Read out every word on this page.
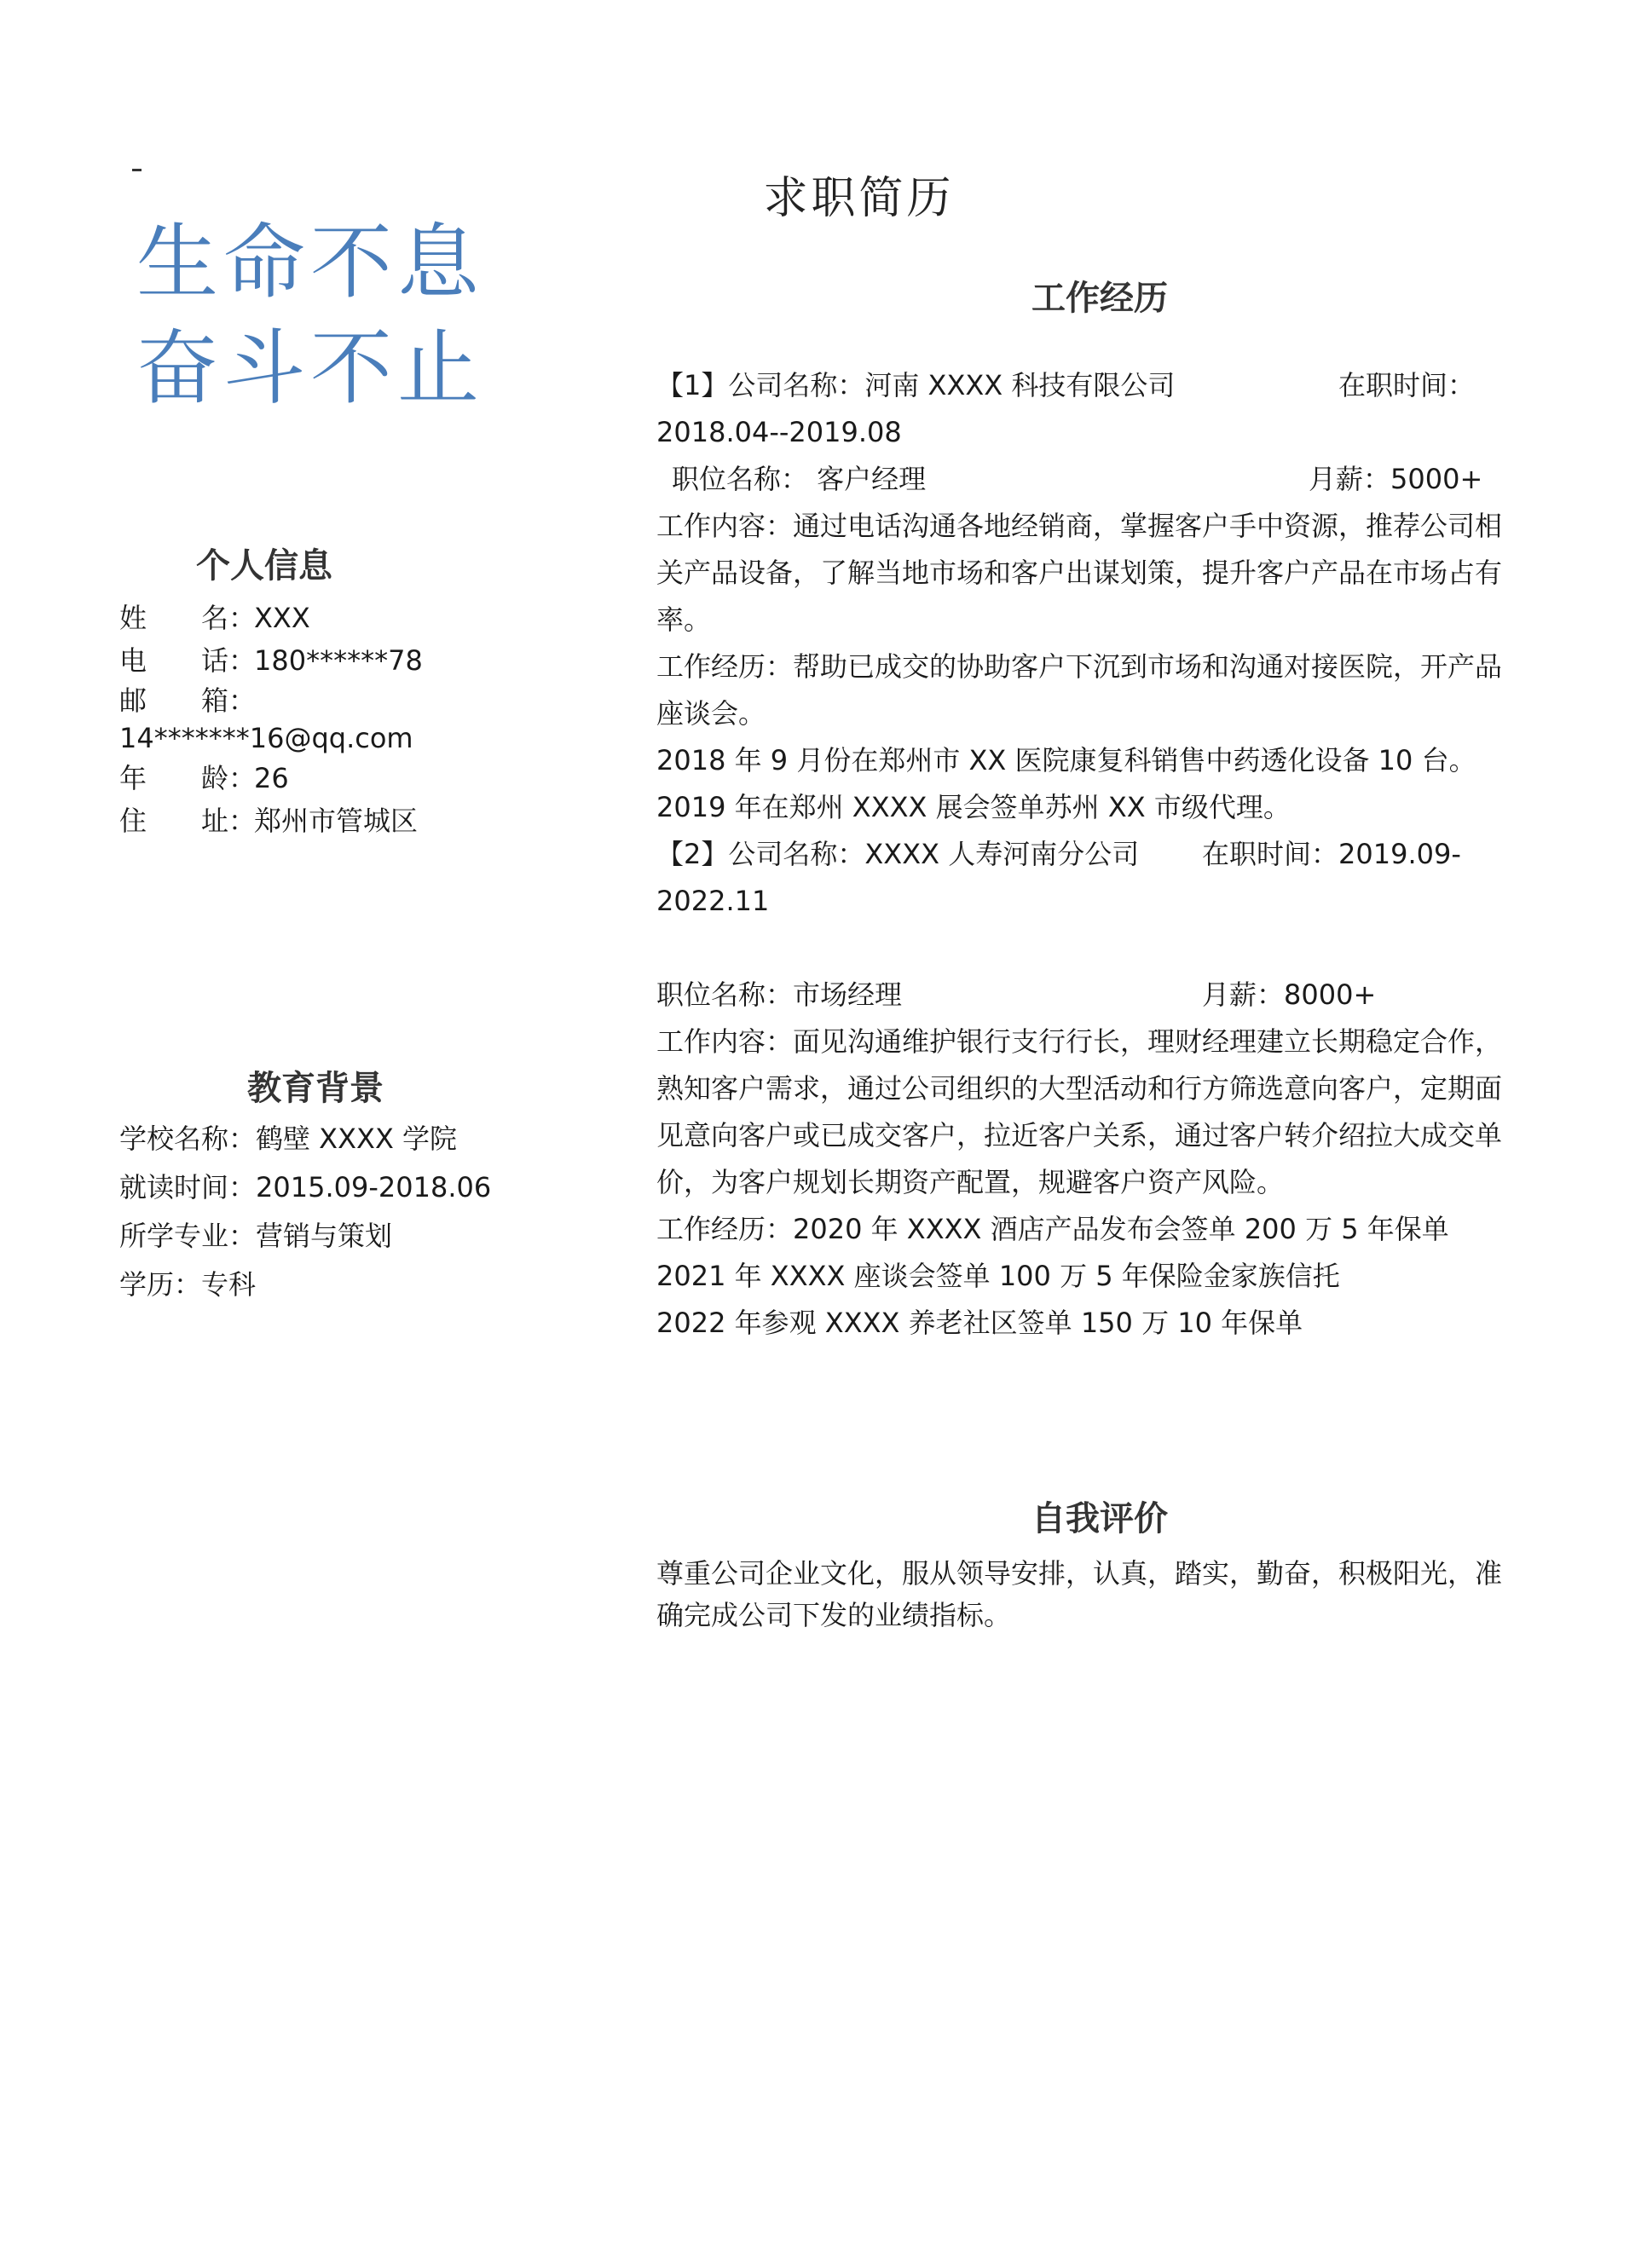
生命不息
奋斗不止
求职简历
个人信息
姓　　名：
XXX
电　　话：
180******78
邮　　箱：
14*******16@qq.com
年　　龄：
26
住　　址：
郑州市管城区
教育背景
学校名称：鹤壁 XXXX 学院
就读时间：2015.09-2018.06
所学专业：营销与策划
学历：专科
工作经历
【1】公司名称：河南 XXXX 科技有限公司	在职时间：
2018.04--2019.08
职位名称： 客户经理	月薪：5000+
工作内容：通过电话沟通各地经销商，掌握客户手中资源，推荐公司相
关产品设备，了解当地市场和客户出谋划策，提升客户产品在市场占有
率。
工作经历：帮助已成交的协助客户下沉到市场和沟通对接医院，开产品
座谈会。
2018 年 9 月份在郑州市 XX 医院康复科销售中药透化设备 10 台。
2019 年在郑州 XXXX 展会签单苏州 XX 市级代理。
【2】公司名称：XXXX 人寿河南分公司 在职时间：2019.09-
2022.11
职位名称：市场经理	月薪：8000+
工作内容：面见沟通维护银行支行行长，理财经理建立长期稳定合作，
熟知客户需求，通过公司组织的大型活动和行方筛选意向客户，定期面
见意向客户或已成交客户，拉近客户关系，通过客户转介绍拉大成交单
价，为客户规划长期资产配置，规避客户资产风险。
工作经历：2020 年 XXXX 酒店产品发布会签单 200 万 5 年保单
2021 年 XXXX 座谈会签单 100 万 5 年保险金家族信托
2022 年参观 XXXX 养老社区签单 150 万 10 年保单
自我评价
尊重公司企业文化，服从领导安排，认真，踏实，勤奋，积极阳光，准
确完成公司下发的业绩指标。
